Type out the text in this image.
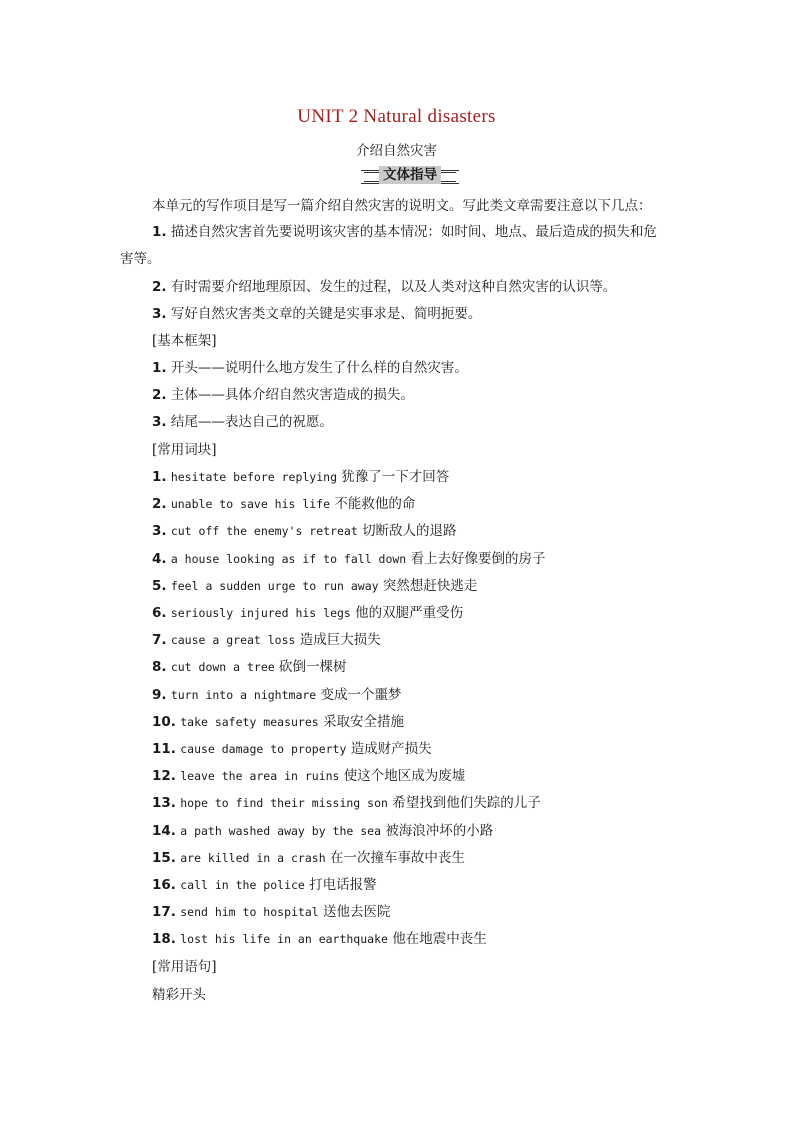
UNIT 2 Natural disasters
介绍自然灾害
文体指导
本单元的写作项目是写一篇介绍自然灾害的说明文。写此类文章需要注意以下几点：
1. 描述自然灾害首先要说明该灾害的基本情况：如时间、地点、最后造成的损失和危
害等。
2. 有时需要介绍地理原因、发生的过程，以及人类对这种自然灾害的认识等。
3. 写好自然灾害类文章的关键是实事求是、简明扼要。
[基本框架]
1. 开头——说明什么地方发生了什么样的自然灾害。
2. 主体——具体介绍自然灾害造成的损失。
3. 结尾——表达自己的祝愿。
[常用词块]
1. hesitate before replying 犹豫了一下才回答
2. unable to save his life 不能救他的命
3. cut off the enemy's retreat 切断敌人的退路
4. a house looking as if to fall down 看上去好像要倒的房子
5. feel a sudden urge to run away 突然想赶快逃走
6. seriously injured his legs 他的双腿严重受伤
7. cause a great loss 造成巨大损失
8. cut down a tree 砍倒一棵树
9. turn into a nightmare 变成一个噩梦
10. take safety measures 采取安全措施
11. cause damage to property 造成财产损失
12. leave the area in ruins 使这个地区成为废墟
13. hope to find their missing son 希望找到他们失踪的儿子
14. a path washed away by the sea 被海浪冲坏的小路
15. are killed in a crash 在一次撞车事故中丧生
16. call in the police 打电话报警
17. send him to hospital 送他去医院
18. lost his life in an earthquake 他在地震中丧生
[常用语句]
精彩开头
